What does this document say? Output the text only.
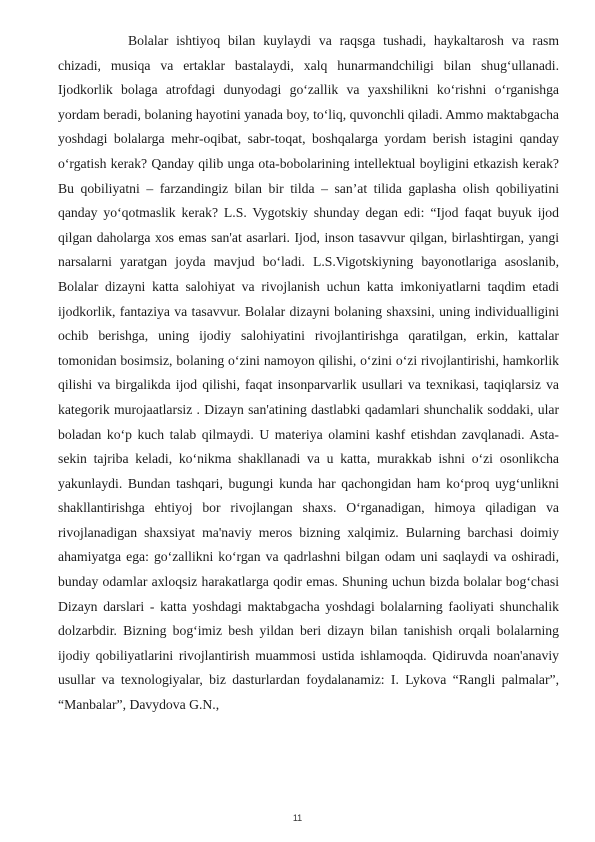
Bolalar ishtiyoq bilan kuylaydi va raqsga tushadi, haykaltarosh va rasm chizadi, musiqa va ertaklar bastalaydi, xalq hunarmandchiligi bilan shug‘ullanadi. Ijodkorlik bolaga atrofdagi dunyodagi go‘zallik va yaxshilikni ko‘rishni o‘rganishga yordam beradi, bolaning hayotini yanada boy, to‘liq, quvonchli qiladi. Ammo maktabgacha yoshdagi bolalarga mehr-oqibat, sabr-toqat, boshqalarga yordam berish istagini qanday o‘rgatish kerak? Qanday qilib unga ota-bobolarining intellektual boyligini etkazish kerak? Bu qobiliyatni – farzandingiz bilan bir tilda – san’at tilida gaplasha olish qobiliyatini qanday yo‘qotmaslik kerak? L.S. Vygotskiy shunday degan edi: “Ijod faqat buyuk ijod qilgan daholarga xos emas san'at asarlari. Ijod, inson tasavvur qilgan, birlashtirgan, yangi narsalarni yaratgan joyda mavjud bo‘ladi. L.S.Vigotskiyning bayonotlariga asoslanib, Bolalar dizayni katta salohiyat va rivojlanish uchun katta imkoniyatlarni taqdim etadi ijodkorlik, fantaziya va tasavvur. Bolalar dizayni bolaning shaxsini, uning individualligini ochib berishga, uning ijodiy salohiyatini rivojlantirishga qaratilgan, erkin, kattalar tomonidan bosimsiz, bolaning o‘zini namoyon qilishi, o‘zini o‘zi rivojlantirishi, hamkorlik qilishi va birgalikda ijod qilishi, faqat insonparvarlik usullari va texnikasi, taqiqlarsiz va kategorik murojaatlarsiz . Dizayn san'atining dastlabki qadamlari shunchalik soddaki, ular boladan ko‘p kuch talab qilmaydi. U materiya olamini kashf etishdan zavqlanadi. Asta-sekin tajriba keladi, ko‘nikma shakllanadi va u katta, murakkab ishni o‘zi osonlikcha yakunlaydi. Bundan tashqari, bugungi kunda har qachongidan ham ko‘proq uyg‘unlikni shakllantirishga ehtiyoj bor rivojlangan shaxs. O‘rganadigan, himoya qiladigan va rivojlanadigan shaxsiyat ma'naviy meros bizning xalqimiz. Bularning barchasi doimiy ahamiyatga ega: go‘zallikni ko‘rgan va qadrlashni bilgan odam uni saqlaydi va oshiradi, bunday odamlar axloqsiz harakatlarga qodir emas. Shuning uchun bizda bolalar bog‘chasi Dizayn darslari - katta yoshdagi maktabgacha yoshdagi bolalarning faoliyati shunchalik dolzarbdir. Bizning bog‘imiz besh yildan beri dizayn bilan tanishish orqali bolalarning ijodiy qobiliyatlarini rivojlantirish muammosi ustida ishlamoqda. Qidiruvda noan'anaviy usullar va texnologiyalar, biz dasturlardan foydalanamiz: I. Lykova “Rangli palmalar”, “Manbalar”, Davydova G.N.,

11
